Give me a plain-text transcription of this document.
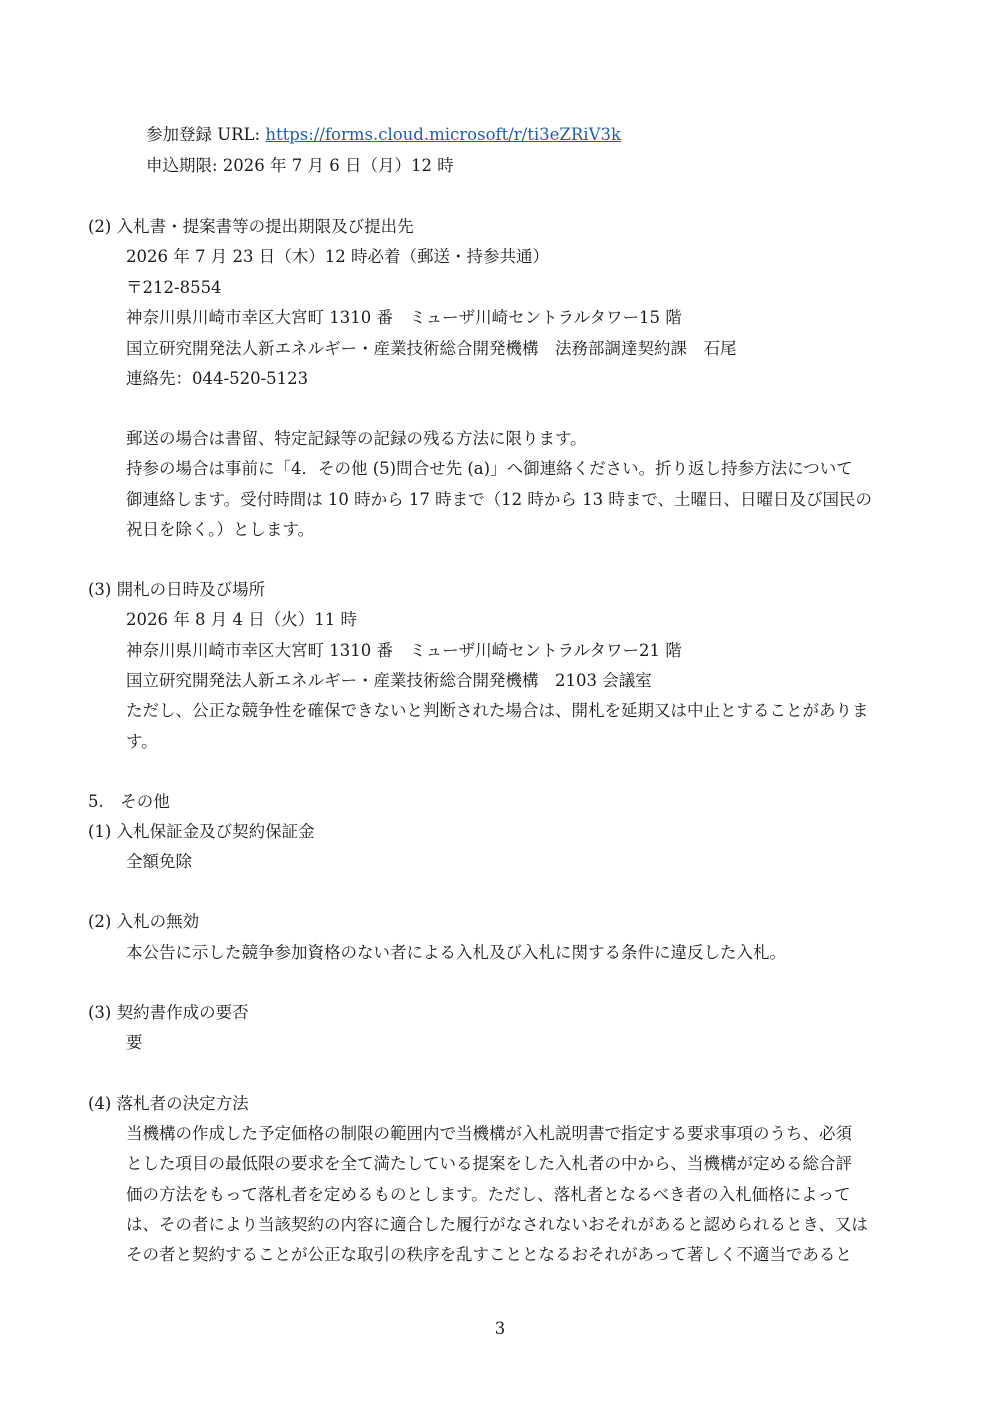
参加登録 URL: https://forms.cloud.microsoft/r/ti3eZRiV3k
申込期限: 2026 年 7 月 6 日（月）12 時
(2) 入札書・提案書等の提出期限及び提出先
2026 年 7 月 23 日（木）12 時必着（郵送・持参共通）
〒212-8554
神奈川県川崎市幸区大宮町 1310 番　ミューザ川崎セントラルタワー15 階
国立研究開発法人新エネルギー・産業技術総合開発機構　法務部調達契約課　石尾
連絡先：044-520-5123
郵送の場合は書留、特定記録等の記録の残る方法に限ります。
持参の場合は事前に「4．その他 (5)問合せ先 (a)」へ御連絡ください。折り返し持参方法について
御連絡します。受付時間は 10 時から 17 時まで（12 時から 13 時まで、土曜日、日曜日及び国民の
祝日を除く。）とします。
(3) 開札の日時及び場所
2026 年 8 月 4 日（火）11 時
神奈川県川崎市幸区大宮町 1310 番　ミューザ川崎セントラルタワー21 階
国立研究開発法人新エネルギー・産業技術総合開発機構　2103 会議室
ただし、公正な競争性を確保できないと判断された場合は、開札を延期又は中止とすることがありま
す。
5.　その他
(1) 入札保証金及び契約保証金
全額免除
(2) 入札の無効
本公告に示した競争参加資格のない者による入札及び入札に関する条件に違反した入札。
(3) 契約書作成の要否
要
(4) 落札者の決定方法
当機構の作成した予定価格の制限の範囲内で当機構が入札説明書で指定する要求事項のうち、必須
とした項目の最低限の要求を全て満たしている提案をした入札者の中から、当機構が定める総合評
価の方法をもって落札者を定めるものとします。ただし、落札者となるべき者の入札価格によって
は、その者により当該契約の内容に適合した履行がなされないおそれがあると認められるとき、又は
その者と契約することが公正な取引の秩序を乱すこととなるおそれがあって著しく不適当であると
3
